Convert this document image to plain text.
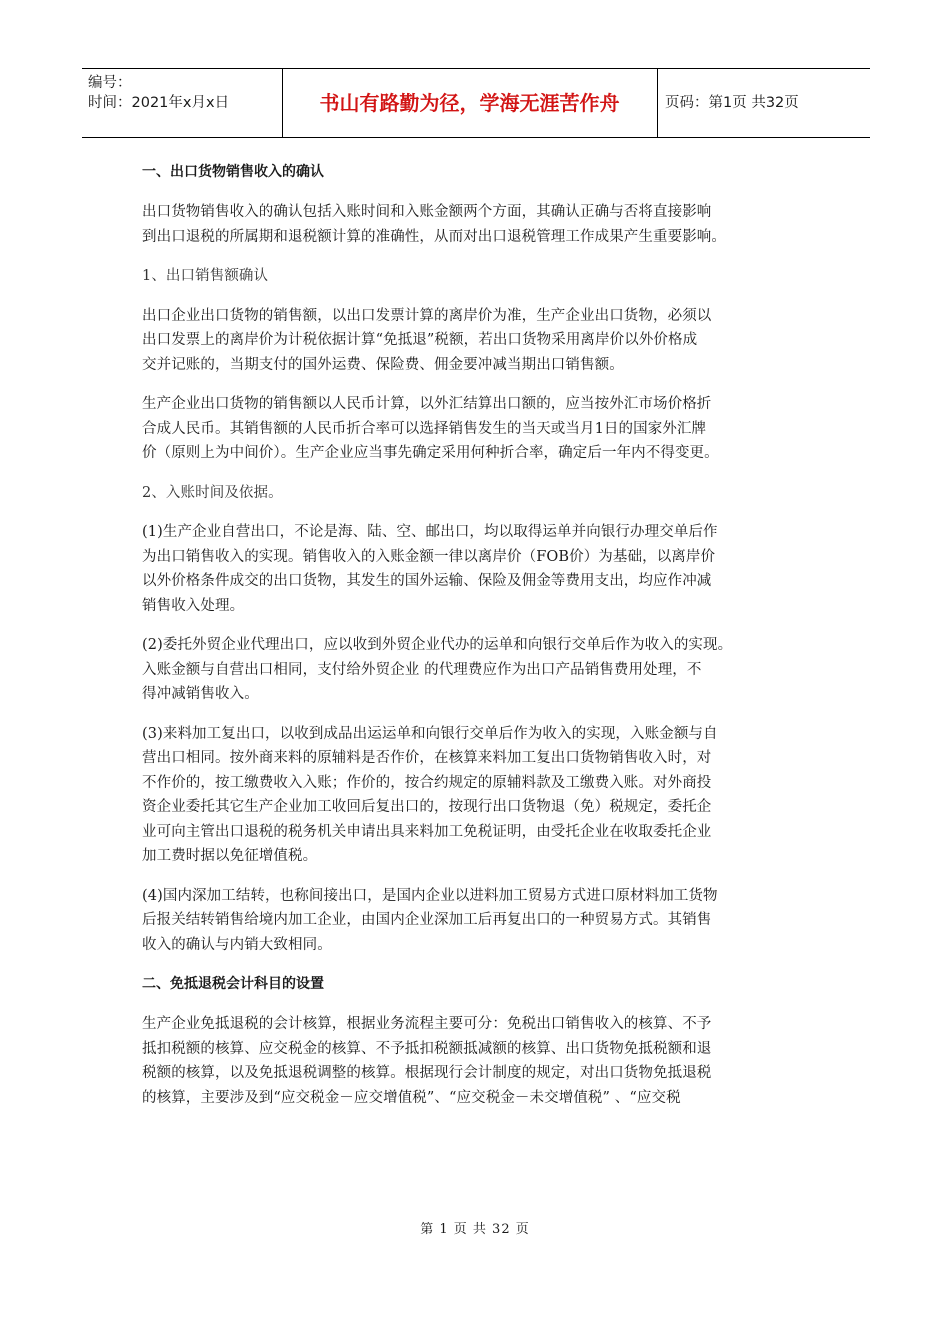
编号：
时间：2021年x月x日	书山有路勤为径，学海无涯苦作舟	页码：第1页 共32页
一、出口货物销售收入的确认
出口货物销售收入的确认包括入账时间和入账金额两个方面，其确认正确与否将直接影响
到出口退税的所属期和退税额计算的准确性，从而对出口退税管理工作成果产生重要影响。
1、出口销售额确认
出口企业出口货物的销售额，以出口发票计算的离岸价为准，生产企业出口货物，必须以
出口发票上的离岸价为计税依据计算“免抵退”税额，若出口货物采用离岸价以外价格成
交并记账的，当期支付的国外运费、保险费、佣金要冲减当期出口销售额。
生产企业出口货物的销售额以人民币计算，以外汇结算出口额的，应当按外汇市场价格折
合成人民币。其销售额的人民币折合率可以选择销售发生的当天或当月1日的国家外汇牌
价（原则上为中间价）。生产企业应当事先确定采用何种折合率，确定后一年内不得变更。
2、入账时间及依据。
(1)生产企业自营出口，不论是海、陆、空、邮出口，均以取得运单并向银行办理交单后作
为出口销售收入的实现。销售收入的入账金额一律以离岸价（FOB价）为基础，以离岸价
以外价格条件成交的出口货物，其发生的国外运输、保险及佣金等费用支出，均应作冲减
销售收入处理。
(2)委托外贸企业代理出口，应以收到外贸企业代办的运单和向银行交单后作为收入的实现。
入账金额与自营出口相同，支付给外贸企业 的代理费应作为出口产品销售费用处理，不
得冲减销售收入。
(3)来料加工复出口，以收到成品出运运单和向银行交单后作为收入的实现，入账金额与自
营出口相同。按外商来料的原辅料是否作价，在核算来料加工复出口货物销售收入时，对
不作价的，按工缴费收入入账；作价的，按合约规定的原辅料款及工缴费入账。对外商投
资企业委托其它生产企业加工收回后复出口的，按现行出口货物退（免）税规定，委托企
业可向主管出口退税的税务机关申请出具来料加工免税证明，由受托企业在收取委托企业
加工费时据以免征增值税。
(4)国内深加工结转，也称间接出口，是国内企业以进料加工贸易方式进口原材料加工货物
后报关结转销售给境内加工企业，由国内企业深加工后再复出口的一种贸易方式。其销售
收入的确认与内销大致相同。
二、免抵退税会计科目的设置
生产企业免抵退税的会计核算，根据业务流程主要可分：免税出口销售收入的核算、不予
抵扣税额的核算、应交税金的核算、不予抵扣税额抵减额的核算、出口货物免抵税额和退
税额的核算，以及免抵退税调整的核算。根据现行会计制度的规定，对出口货物免抵退税
的核算，主要涉及到“应交税金－应交增值税”、“应交税金－未交增值税” 、“应交税
第 1 页 共 32 页
